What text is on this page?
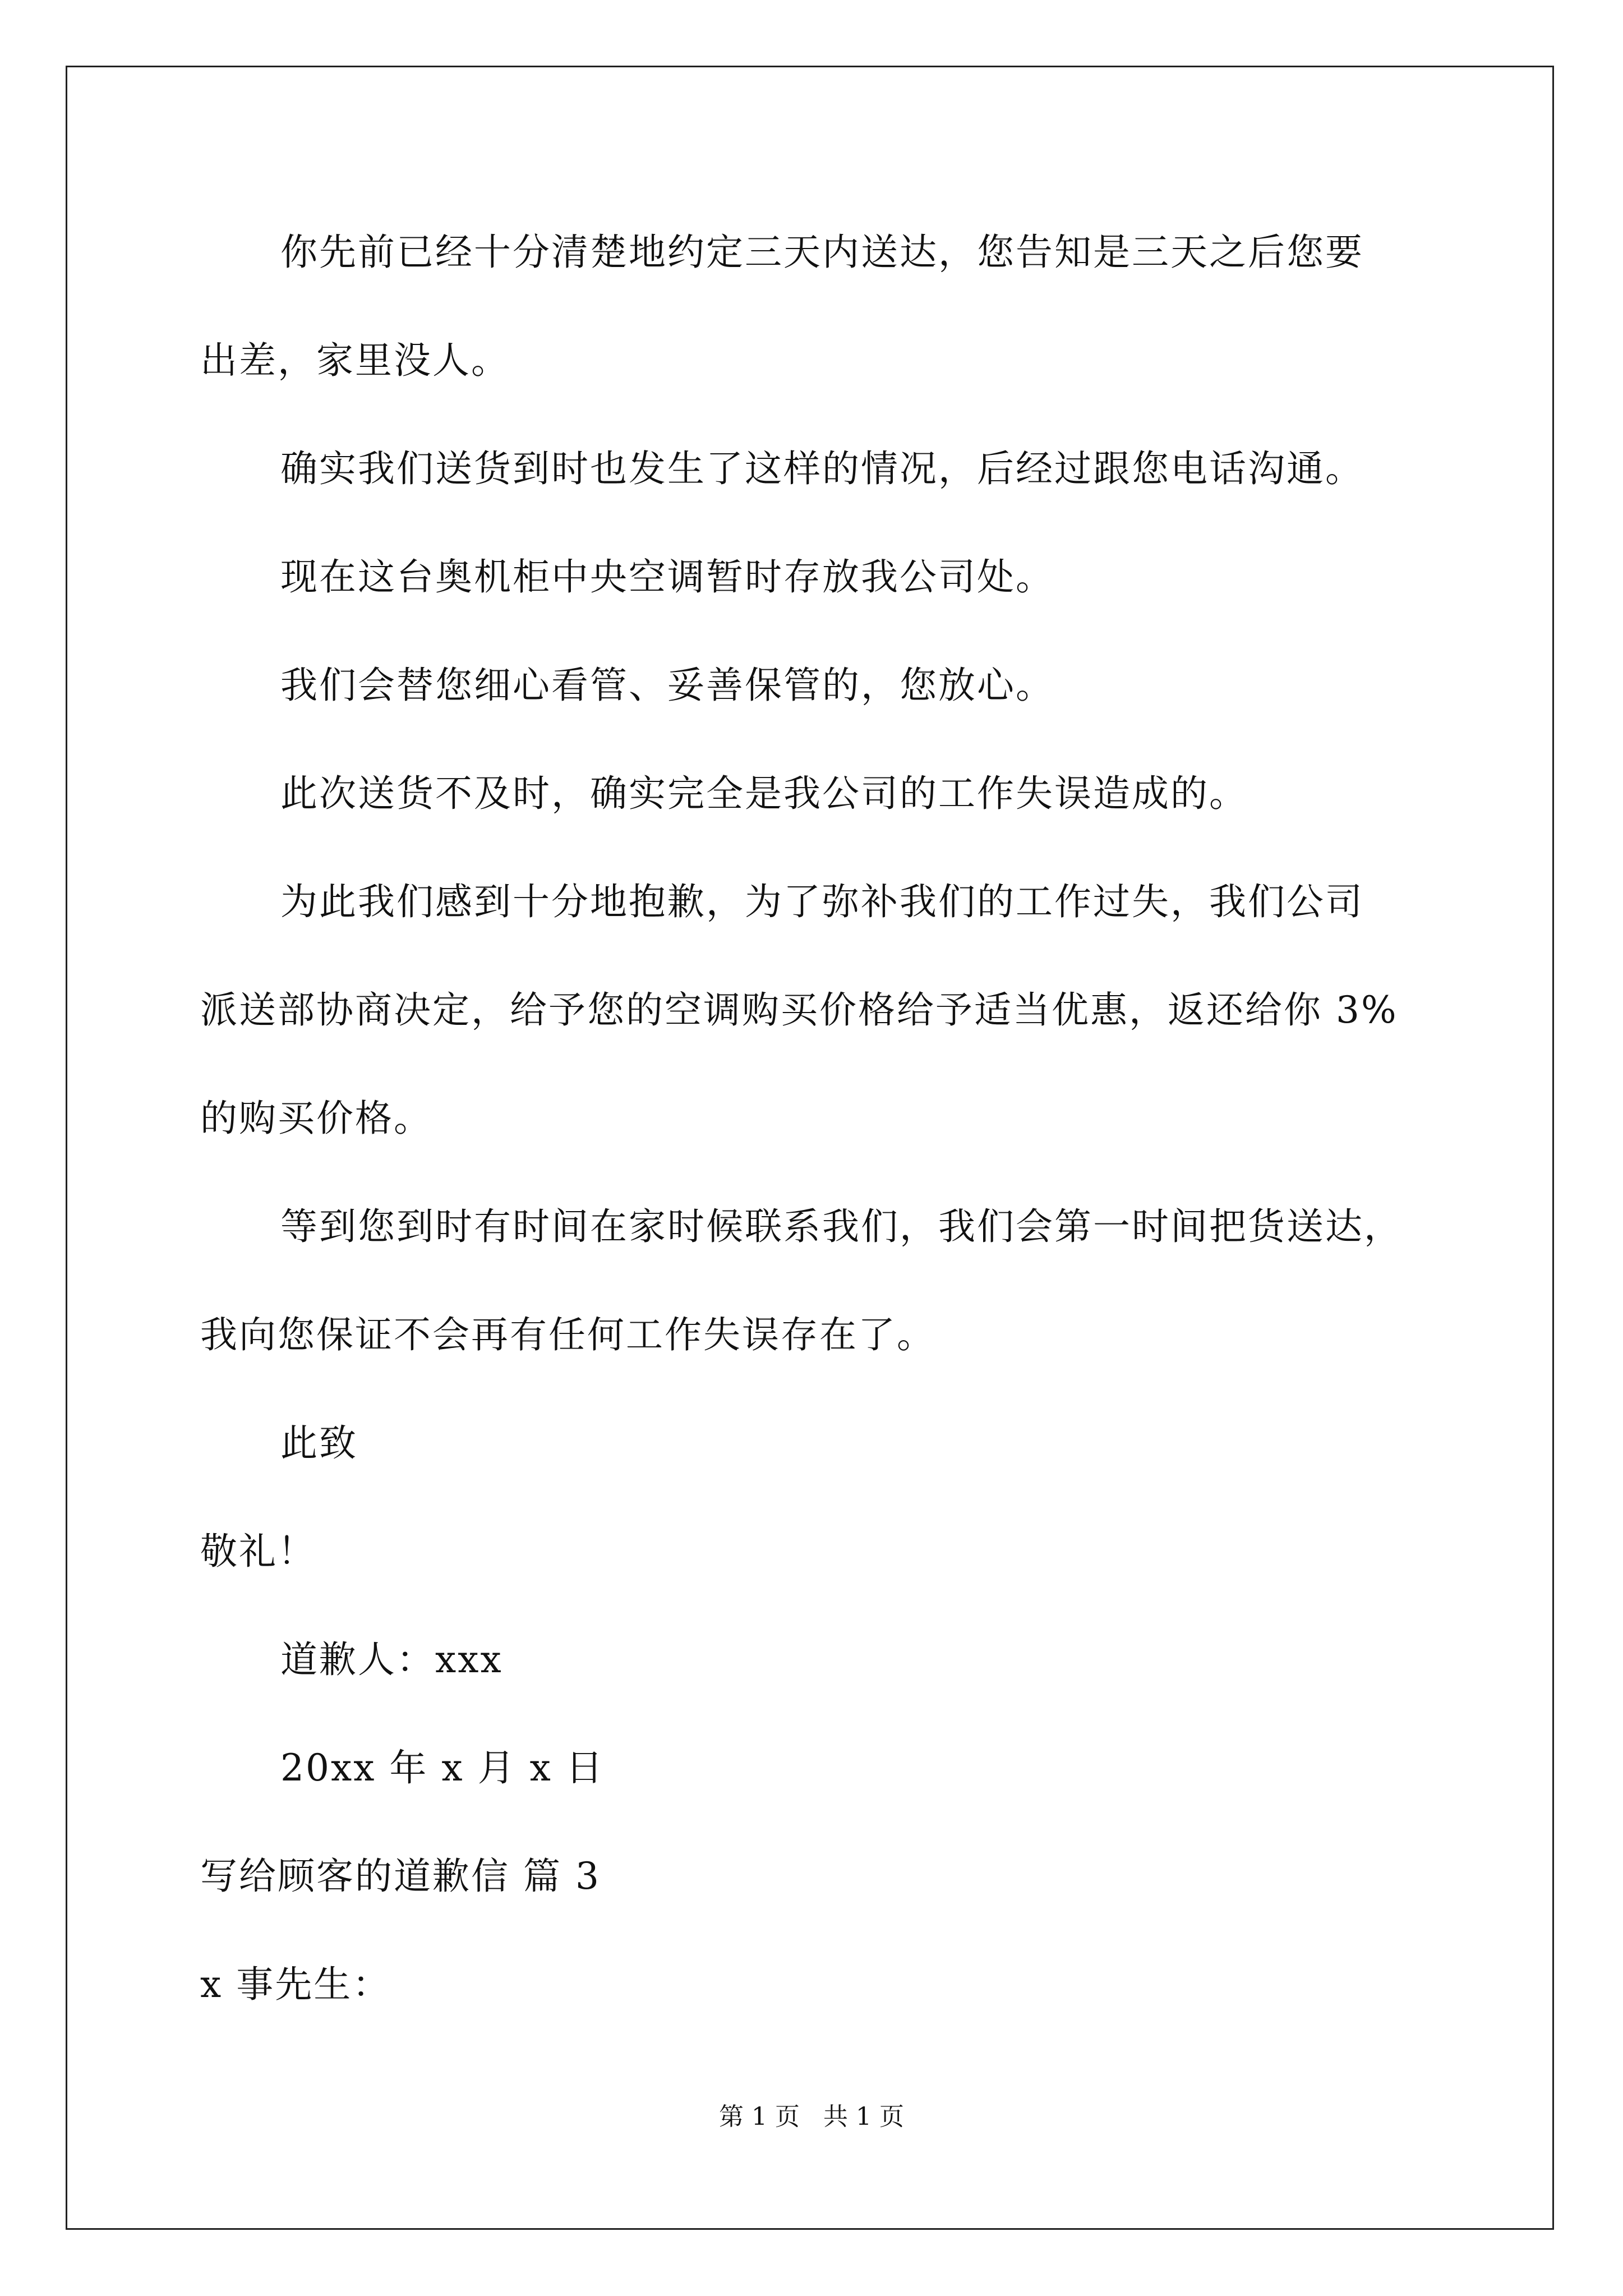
你先前已经十分清楚地约定三天内送达，您告知是三天之后您要
出差，家里没人。
确实我们送货到时也发生了这样的情况，后经过跟您电话沟通。
现在这台奥机柜中央空调暂时存放我公司处。
我们会替您细心看管、妥善保管的，您放心。
此次送货不及时，确实完全是我公司的工作失误造成的。
为此我们感到十分地抱歉，为了弥补我们的工作过失，我们公司
派送部协商决定，给予您的空调购买价格给予适当优惠，返还给你 3%
的购买价格。
等到您到时有时间在家时候联系我们，我们会第一时间把货送达，
我向您保证不会再有任何工作失误存在了。
此致
敬礼！
道歉人：xxx
20xx 年 x 月 x 日
写给顾客的道歉信 篇 3
x 事先生：
第 1 页   共 1 页
